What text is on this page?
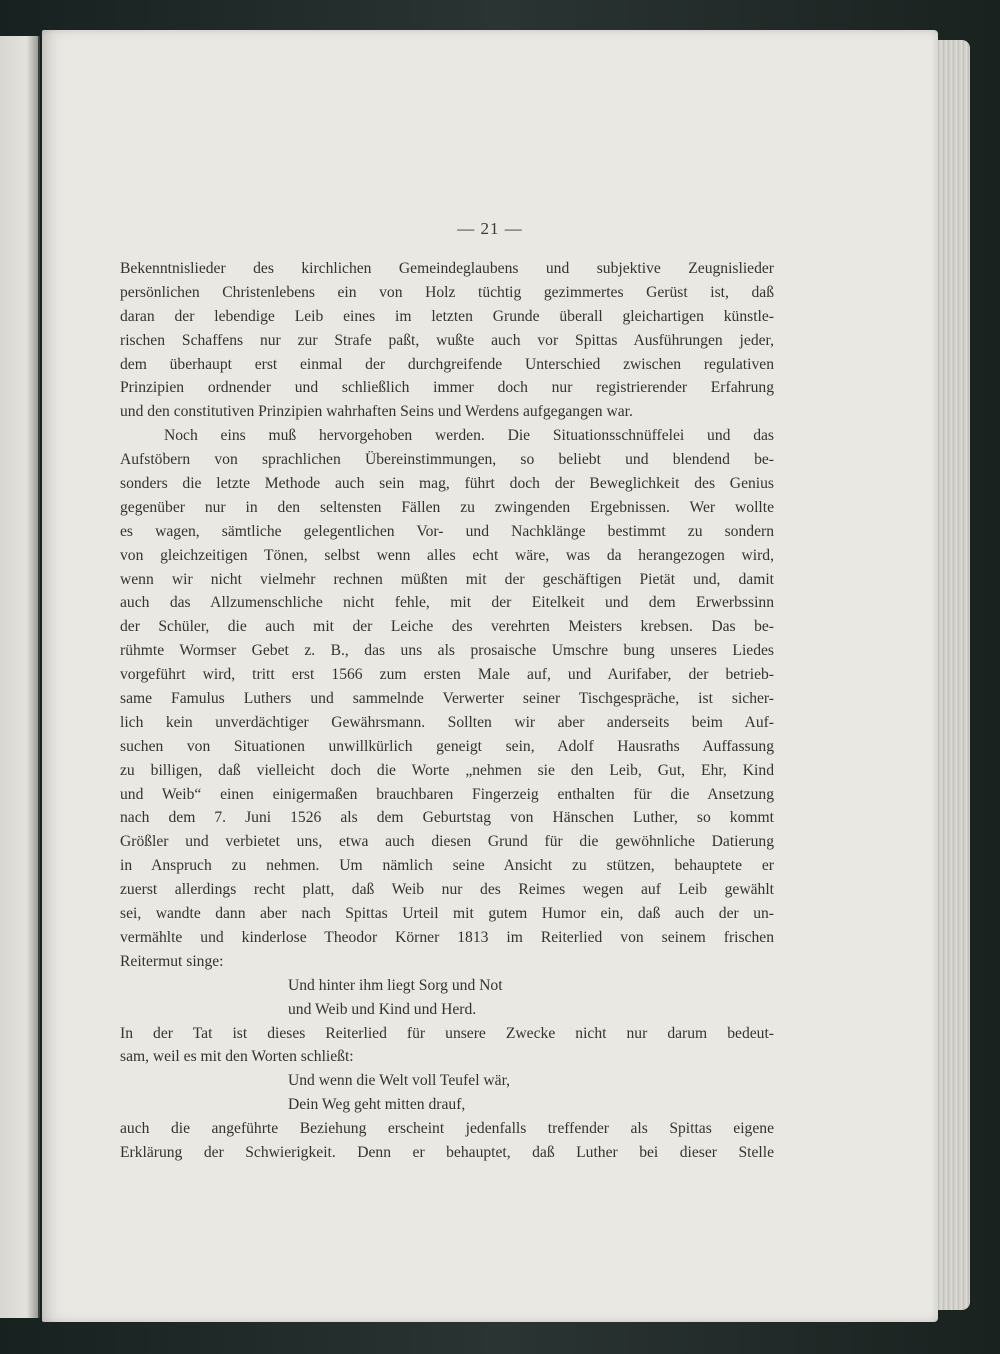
— 21 —
Bekenntnislieder des kirchlichen Gemeindeglaubens und subjektive Zeugnislieder
persönlichen Christenlebens ein von Holz tüchtig gezimmertes Gerüst ist, daß
daran der lebendige Leib eines im letzten Grunde überall gleichartigen künstle-
rischen Schaffens nur zur Strafe paßt, wußte auch vor Spittas Ausführungen jeder,
dem überhaupt erst einmal der durchgreifende Unterschied zwischen regulativen
Prinzipien ordnender und schließlich immer doch nur registrierender Erfahrung
und den constitutiven Prinzipien wahrhaften Seins und Werdens aufgegangen war.
Noch eins muß hervorgehoben werden. Die Situationsschnüffelei und das
Aufstöbern von sprachlichen Übereinstimmungen, so beliebt und blendend be-
sonders die letzte Methode auch sein mag, führt doch der Beweglichkeit des Genius
gegenüber nur in den seltensten Fällen zu zwingenden Ergebnissen. Wer wollte
es wagen, sämtliche gelegentlichen Vor- und Nachklänge bestimmt zu sondern
von gleichzeitigen Tönen, selbst wenn alles echt wäre, was da herangezogen wird,
wenn wir nicht vielmehr rechnen müßten mit der geschäftigen Pietät und, damit
auch das Allzumenschliche nicht fehle, mit der Eitelkeit und dem Erwerbssinn
der Schüler, die auch mit der Leiche des verehrten Meisters krebsen. Das be-
rühmte Wormser Gebet z. B., das uns als prosaische Umschre bung unseres Liedes
vorgeführt wird, tritt erst 1566 zum ersten Male auf, und Aurifaber, der betrieb-
same Famulus Luthers und sammelnde Verwerter seiner Tischgespräche, ist sicher-
lich kein unverdächtiger Gewährsmann. Sollten wir aber anderseits beim Auf-
suchen von Situationen unwillkürlich geneigt sein, Adolf Hausraths Auffassung
zu billigen, daß vielleicht doch die Worte „nehmen sie den Leib, Gut, Ehr, Kind
und Weib“ einen einigermaßen brauchbaren Fingerzeig enthalten für die Ansetzung
nach dem 7. Juni 1526 als dem Geburtstag von Hänschen Luther, so kommt
Größler und verbietet uns, etwa auch diesen Grund für die gewöhnliche Datierung
in Anspruch zu nehmen. Um nämlich seine Ansicht zu stützen, behauptete er
zuerst allerdings recht platt, daß Weib nur des Reimes wegen auf Leib gewählt
sei, wandte dann aber nach Spittas Urteil mit gutem Humor ein, daß auch der un-
vermählte und kinderlose Theodor Körner 1813 im Reiterlied von seinem frischen
Reitermut singe:
Und hinter ihm liegt Sorg und Not
und Weib und Kind und Herd.
In der Tat ist dieses Reiterlied für unsere Zwecke nicht nur darum bedeut-
sam, weil es mit den Worten schließt:
Und wenn die Welt voll Teufel wär,
Dein Weg geht mitten drauf,
auch die angeführte Beziehung erscheint jedenfalls treffender als Spittas eigene
Erklärung der Schwierigkeit. Denn er behauptet, daß Luther bei dieser Stelle
